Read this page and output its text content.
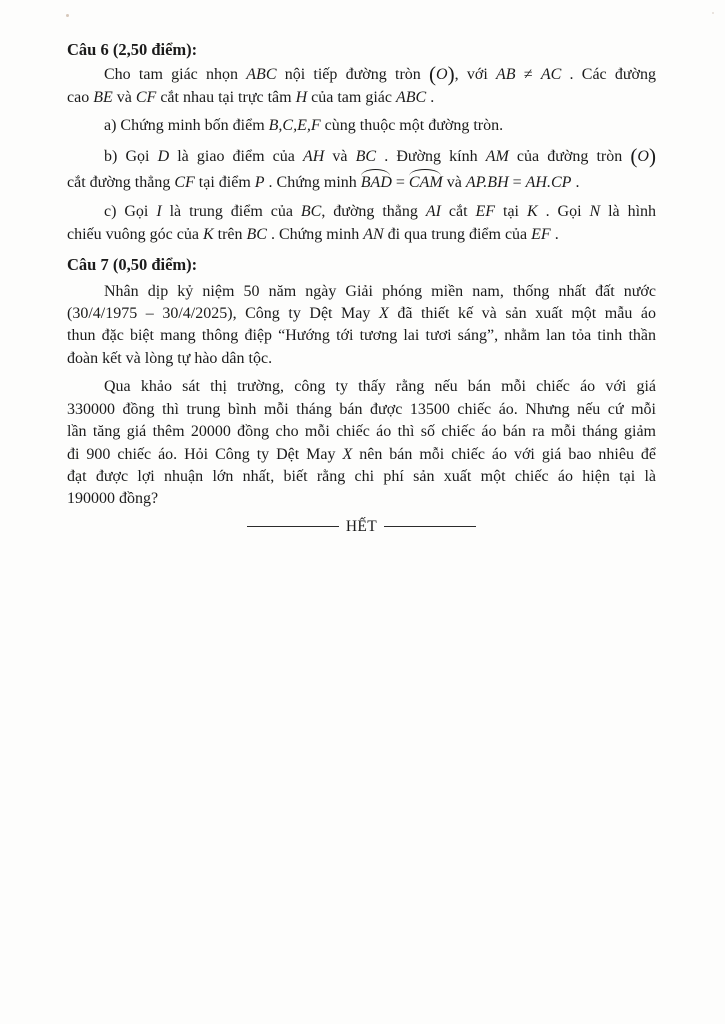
Câu 6 (2,50 điểm):
Cho tam giác nhọn ABC nội tiếp đường tròn (O), với AB ≠ AC . Các đường
cao BE và CF cắt nhau tại trực tâm H của tam giác ABC .
a) Chứng minh bốn điểm B,C,E,F cùng thuộc một đường tròn.
b) Gọi D là giao điểm của AH và BC . Đường kính AM của đường tròn (O)
cắt đường thẳng CF tại điểm P . Chứng minh BAD = CAM và AP.BH = AH.CP .
c) Gọi I là trung điểm của BC, đường thẳng AI cắt EF tại K . Gọi N là hình
chiếu vuông góc của K trên BC . Chứng minh AN đi qua trung điểm của EF .
Câu 7 (0,50 điểm):
Nhân dịp kỷ niệm 50 năm ngày Giải phóng miền nam, thống nhất đất nước
(30/4/1975 – 30/4/2025), Công ty Dệt May X đã thiết kế và sản xuất một mẫu áo
thun đặc biệt mang thông điệp “Hướng tới tương lai tươi sáng”, nhằm lan tỏa tinh thần
đoàn kết và lòng tự hào dân tộc.
Qua khảo sát thị trường, công ty thấy rằng nếu bán mỗi chiếc áo với giá
330000 đồng thì trung bình mỗi tháng bán được 13500 chiếc áo. Nhưng nếu cứ mỗi
lần tăng giá thêm 20000 đồng cho mỗi chiếc áo thì số chiếc áo bán ra mỗi tháng giảm
đi 900 chiếc áo. Hỏi Công ty Dệt May X nên bán mỗi chiếc áo với giá bao nhiêu để
đạt được lợi nhuận lớn nhất, biết rằng chi phí sản xuất một chiếc áo hiện tại là
190000 đồng?
HẾT
